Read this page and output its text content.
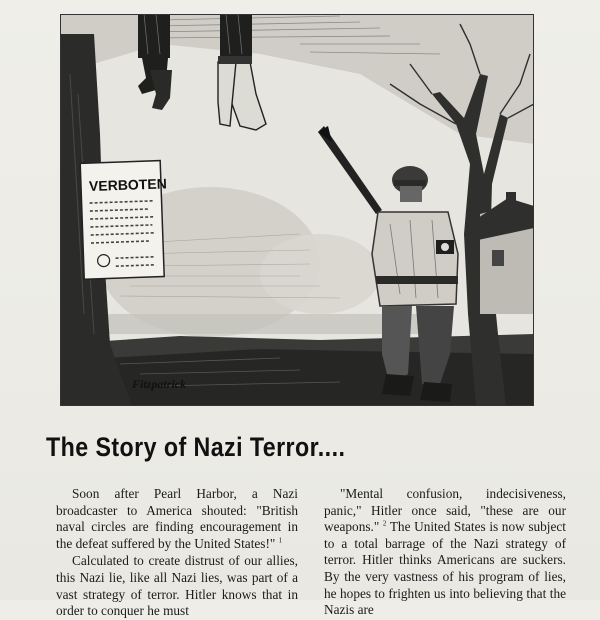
VERBOTEN
Fitzpatrick
The Story of Nazi Terror....

Soon after Pearl Harbor, a Nazi broadcaster to America shouted: "British naval circles are finding encouragement in the defeat suffered by the United States!" $^1$

Calculated to create distrust of our allies, this Nazi lie, like all Nazi lies, was part of a vast strategy of terror. Hitler knows that in order to conquer he must

"Mental confusion, indecisiveness, panic," Hitler once said, "these are our weapons." $^2$ The United States is now subject to a total barrage of the Nazi strategy of terror. Hitler thinks Americans are suckers. By the very vastness of his program of lies, he hopes to frighten us into believing that the Nazis are
